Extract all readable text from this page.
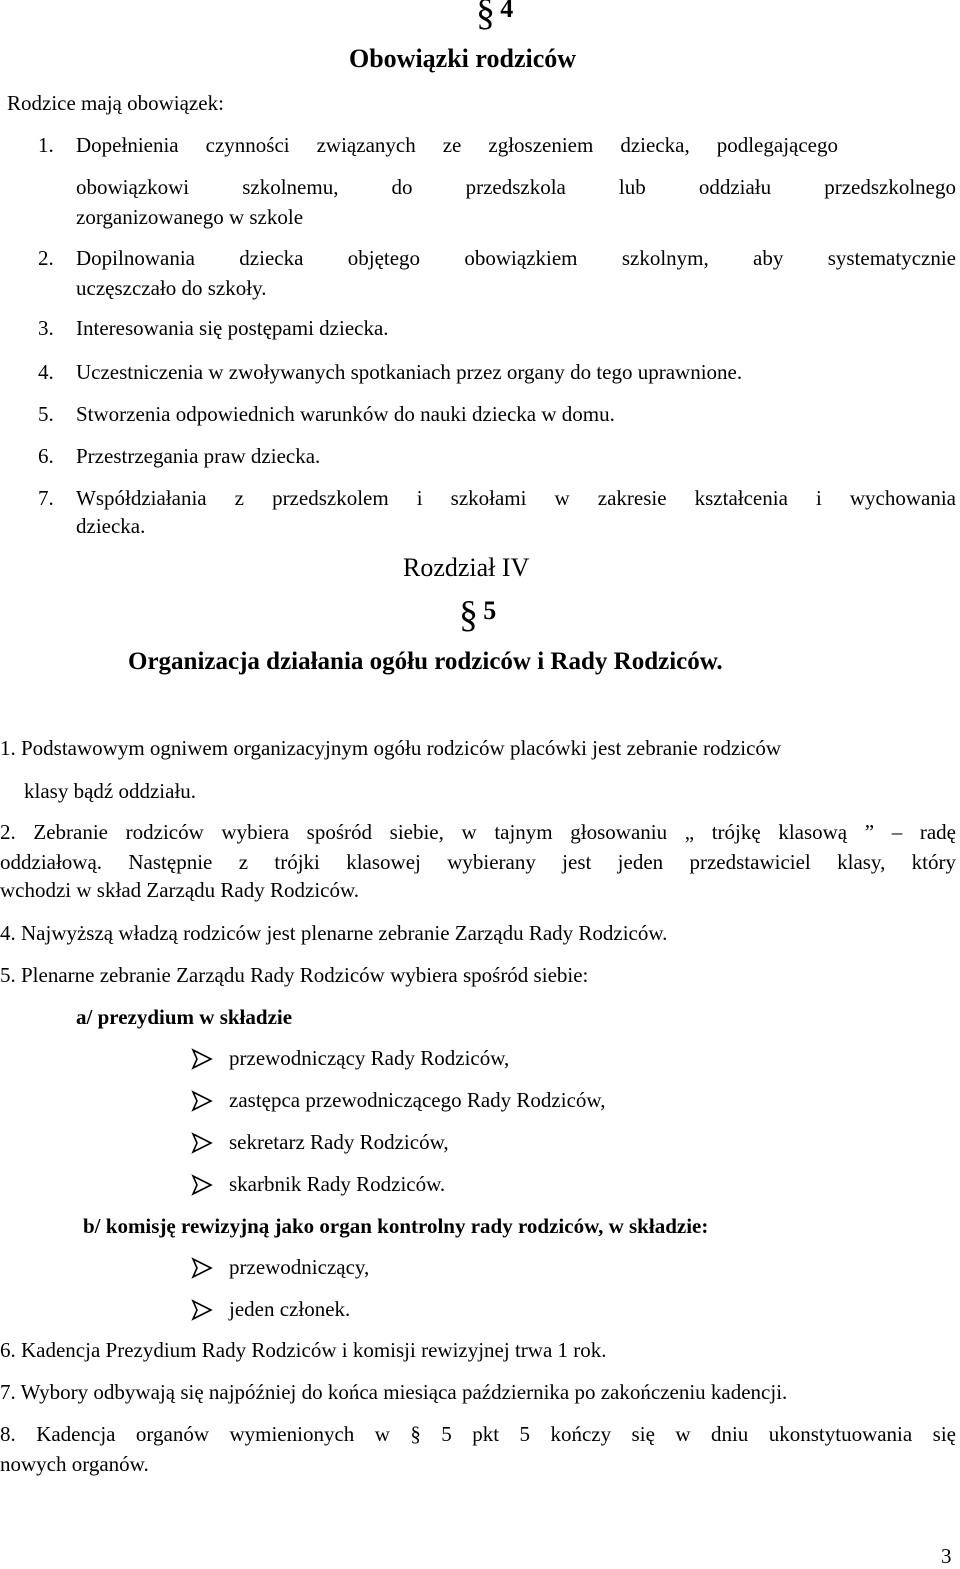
§ 4
Obowiązki rodziców
Rodzice mają obowiązek:
1. Dopełnienia czynności związanych ze zgłoszeniem dziecka, podlegającego
obowiązkowi szkolnemu, do przedszkola lub oddziału przedszkolnego
zorganizowanego w szkole
2. Dopilnowania dziecka objętego obowiązkiem szkolnym, aby systematycznie
uczęszczało do szkoły.
3. Interesowania się postępami dziecka.
4. Uczestniczenia w zwoływanych spotkaniach przez organy do tego uprawnione.
5. Stworzenia odpowiednich warunków do nauki dziecka w domu.
6. Przestrzegania praw dziecka.
7. Współdziałania z przedszkolem i szkołami w zakresie kształcenia i wychowania
dziecka.
Rozdział IV
§ 5
Organizacja działania ogółu rodziców i Rady Rodziców.
1. Podstawowym ogniwem organizacyjnym ogółu rodziców placówki jest zebranie rodziców
klasy bądź oddziału.
2. Zebranie rodziców wybiera spośród siebie, w tajnym głosowaniu „ trójkę klasową ” – radę
oddziałową. Następnie z trójki klasowej wybierany jest jeden przedstawiciel klasy, który
wchodzi w skład Zarządu Rady Rodziców.
4. Najwyższą władzą rodziców jest plenarne zebranie Zarządu Rady Rodziców.
5. Plenarne zebranie Zarządu Rady Rodziców wybiera spośród siebie:
a/ prezydium w składzie
przewodniczący Rady Rodziców,
zastępca przewodniczącego Rady Rodziców,
sekretarz Rady Rodziców,
skarbnik Rady Rodziców.
b/ komisję rewizyjną jako organ kontrolny rady rodziców, w składzie:
przewodniczący,
jeden członek.
6. Kadencja Prezydium Rady Rodziców i komisji rewizyjnej trwa 1 rok.
7. Wybory odbywają się najpóźniej do końca miesiąca października po zakończeniu kadencji.
8. Kadencja organów wymienionych w § 5 pkt 5 kończy się w dniu ukonstytuowania się
nowych organów.
3
